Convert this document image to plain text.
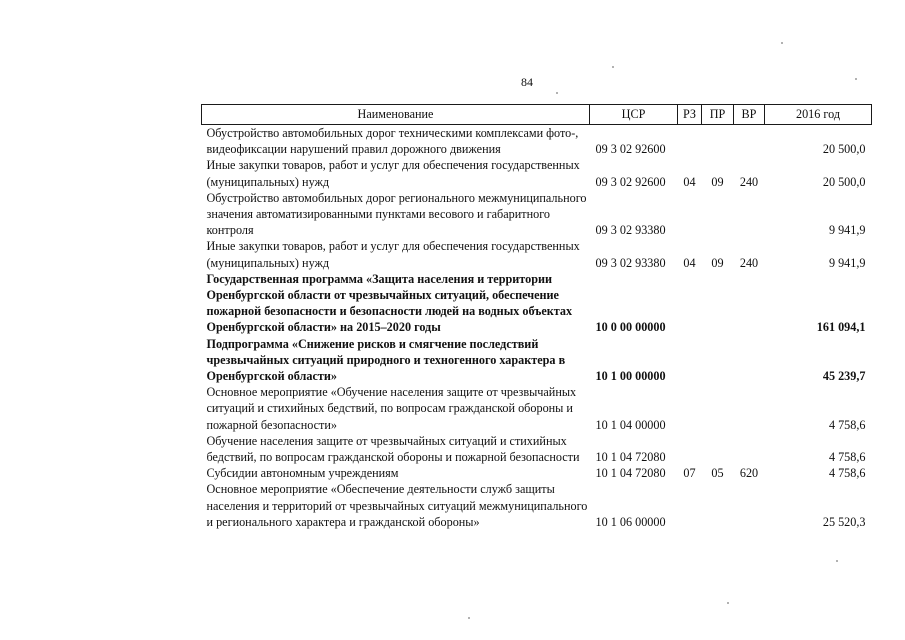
84
Наименование	ЦСР	РЗ	ПР	ВР	2016 год
Обустройство автомобильных дорог техническими комплексами фото-, видеофиксации нарушений правил дорожного движения	09 3 02 92600				20 500,0
Иные закупки товаров, работ и услуг для обеспечения государственных (муниципальных) нужд	09 3 02 92600	04	09	240	20 500,0
Обустройство автомобильных дорог регионального межмуниципального значения автоматизированными пунктами весового и габаритного контроля	09 3 02 93380				9 941,9
Иные закупки товаров, работ и услуг для обеспечения государственных (муниципальных) нужд	09 3 02 93380	04	09	240	9 941,9
Государственная программа «Защита населения и территории Оренбургской области от чрезвычайных ситуаций, обеспечение пожарной безопасности и безопасности людей на водных объектах Оренбургской области» на 2015–2020 годы	10 0 00 00000				161 094,1
Подпрограмма «Снижение рисков и смягчение последствий чрезвычайных ситуаций природного и техногенного характера в Оренбургской области»	10 1 00 00000				45 239,7
Основное мероприятие «Обучение населения защите от чрезвычайных ситуаций и стихийных бедствий, по вопросам гражданской обороны и пожарной безопасности»	10 1 04 00000				4 758,6
Обучение населения защите от чрезвычайных ситуаций и стихийных бедствий, по вопросам гражданской обороны и пожарной безопасности	10 1 04 72080				4 758,6
Субсидии автономным учреждениям	10 1 04 72080	07	05	620	4 758,6
Основное мероприятие «Обеспечение деятельности служб защиты населения и территорий от чрезвычайных ситуаций межмуниципального и регионального характера и гражданской обороны»	10 1 06 00000				25 520,3
